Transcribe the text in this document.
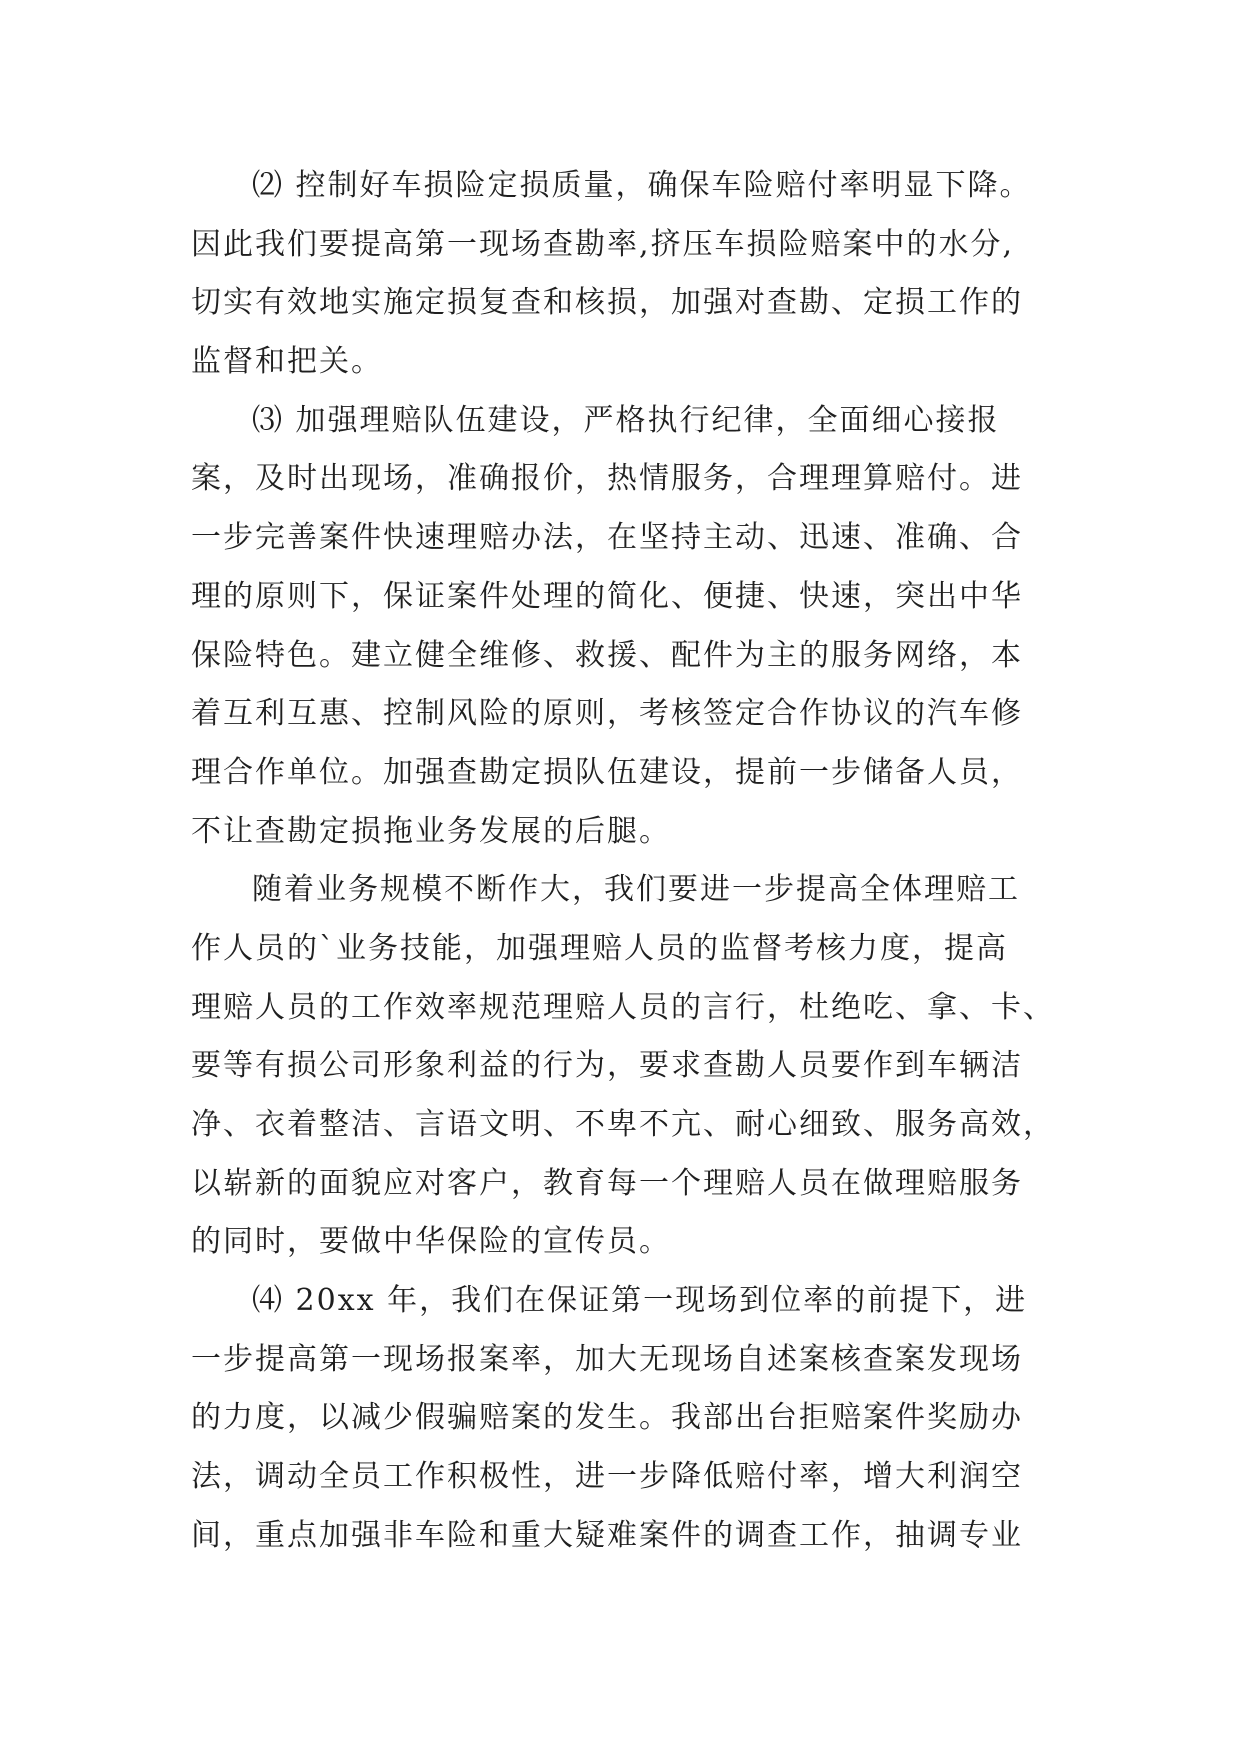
⑵ 控制好车损险定损质量，确保车险赔付率明显下降。
因此我们要提高第一现场查勘率,挤压车损险赔案中的水分,
切实有效地实施定损复查和核损，加强对查勘、定损工作的
监督和把关。
⑶ 加强理赔队伍建设，严格执行纪律，全面细心接报
案，及时出现场，准确报价，热情服务，合理理算赔付。进
一步完善案件快速理赔办法，在坚持主动、迅速、准确、合
理的原则下，保证案件处理的简化、便捷、快速，突出中华
保险特色。建立健全维修、救援、配件为主的服务网络，本
着互利互惠、控制风险的原则，考核签定合作协议的汽车修
理合作单位。加强查勘定损队伍建设，提前一步储备人员，
不让查勘定损拖业务发展的后腿。
随着业务规模不断作大，我们要进一步提高全体理赔工
作人员的`业务技能，加强理赔人员的监督考核力度，提高
理赔人员的工作效率规范理赔人员的言行，杜绝吃、拿、卡、
要等有损公司形象利益的行为，要求查勘人员要作到车辆洁
净、衣着整洁、言语文明、不卑不亢、耐心细致、服务高效，
以崭新的面貌应对客户，教育每一个理赔人员在做理赔服务
的同时，要做中华保险的宣传员。
⑷ 20xx 年，我们在保证第一现场到位率的前提下，进
一步提高第一现场报案率，加大无现场自述案核查案发现场
的力度，以减少假骗赔案的发生。我部出台拒赔案件奖励办
法，调动全员工作积极性，进一步降低赔付率，增大利润空
间，重点加强非车险和重大疑难案件的调查工作，抽调专业
